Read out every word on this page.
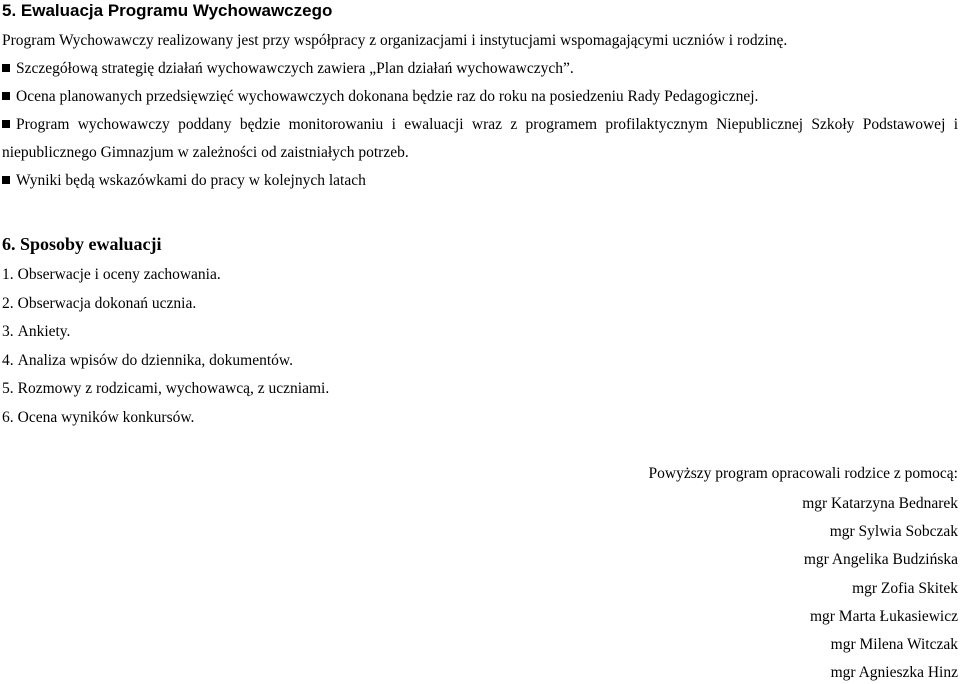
5. Ewaluacja Programu Wychowawczego
Program Wychowawczy realizowany jest przy współpracy z organizacjami i instytucjami wspomagającymi uczniów i rodzinę.
Szczegółową strategię działań wychowawczych zawiera „Plan działań wychowawczych”.
Ocena planowanych przedsięwzięć wychowawczych dokonana będzie raz do roku na posiedzeniu Rady Pedagogicznej.
Program wychowawczy poddany będzie monitorowaniu i ewaluacji wraz z programem profilaktycznym Niepublicznej Szkoły Podstawowej i
niepublicznego Gimnazjum w zależności od zaistniałych potrzeb.
Wyniki będą wskazówkami do pracy w kolejnych latach
6. Sposoby ewaluacji
1. Obserwacje i oceny zachowania.
2. Obserwacja dokonań ucznia.
3. Ankiety.
4. Analiza wpisów do dziennika, dokumentów.
5. Rozmowy z rodzicami, wychowawcą, z uczniami.
6. Ocena wyników konkursów.
Powyższy program opracowali rodzice z pomocą:
mgr Katarzyna Bednarek
mgr Sylwia Sobczak
mgr Angelika Budzińska
mgr Zofia Skitek
mgr Marta Łukasiewicz
mgr Milena Witczak
mgr Agnieszka Hinz
